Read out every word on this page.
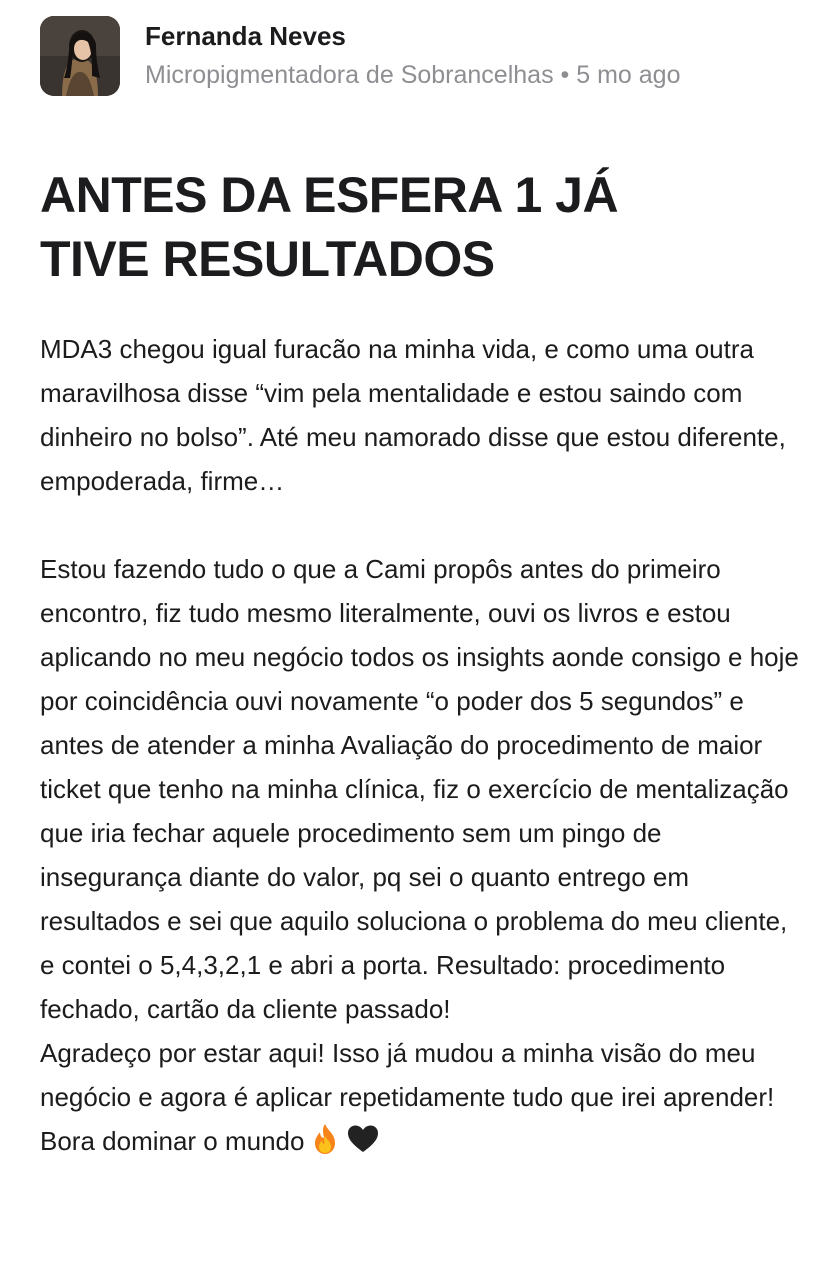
Fernanda Neves
Micropigmentadora de Sobrancelhas • 5 mo ago
ANTES DA ESFERA 1 JÁ TIVE RESULTADOS

MDA3 chegou igual furacão na minha vida, e como uma outra maravilhosa disse “vim pela mentalidade e estou saindo com dinheiro no bolso”. Até meu namorado disse que estou diferente, empoderada, firme…

Estou fazendo tudo o que a Cami propôs antes do primeiro encontro, fiz tudo mesmo literalmente, ouvi os livros e estou aplicando no meu negócio todos os insights aonde consigo e hoje por coincidência ouvi novamente “o poder dos 5 segundos” e antes de atender a minha Avaliação do procedimento de maior ticket que tenho na minha clínica, fiz o exercício de mentalização que iria fechar aquele procedimento sem um pingo de insegurança diante do valor, pq sei o quanto entrego em resultados e sei que aquilo soluciona o problema do meu cliente, e contei o 5,4,3,2,1 e abri a porta. Resultado: procedimento fechado, cartão da cliente passado!

Agradeço por estar aqui! Isso já mudou a minha visão do meu negócio e agora é aplicar repetidamente tudo que irei aprender! Bora dominar o mundo
